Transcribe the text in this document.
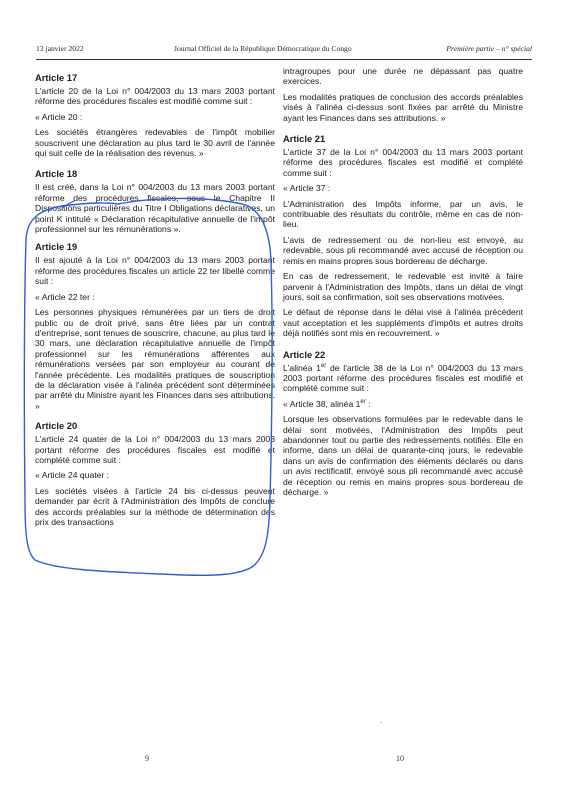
13 janvier 2022	Journal Officiel de la République Démocratique du Congo	Première partie – n° spécial
Article 17

L'article 20 de la Loi n° 004/2003 du 13 mars 2003 portant réforme des procédures fiscales est modifié comme suit :

« Article 20 :

Les sociétés étrangères redevables de l'impôt mobilier souscrivent une déclaration au plus tard le 30 avril de l'année qui suit celle de la réalisation des revenus. »

Article 18

Il est créé, dans la Loi n° 004/2003 du 13 mars 2003 portant réforme des procédures fiscales, sous le Chapitre II Dispositions particulières du Titre I Obligations déclaratives, un point K intitulé « Déclaration récapitulative annuelle de l'impôt professionnel sur les rémunérations ».

Article 19

Il est ajouté à la Loi n° 004/2003 du 13 mars 2003 portant réforme des procédures fiscales un article 22 ter libellé comme suit :

« Article 22 ter :

Les personnes physiques rémunérées par un tiers de droit public ou de droit privé, sans être liées par un contrat d'entreprise, sont tenues de souscrire, chacune, au plus tard le 30 mars, une déclaration récapitulative annuelle de l'impôt professionnel sur les rémunérations afférentes aux rémunérations versées par son employeur au courant de l'année précédente. Les modalités pratiques de souscription de la déclaration visée à l'alinéa précédent sont déterminées par arrêté du Ministre ayant les Finances dans ses attributions. »

Article 20

L'article 24 quater de la Loi n° 004/2003 du 13 mars 2003 portant réforme des procédures fiscales est modifié et complété comme suit :

« Article 24 quater :

Les sociétés visées à l'article 24 bis ci-dessus peuvent demander par écrit à l'Administration des Impôts de conclure des accords préalables sur la méthode de détermination des prix des transactions

intragroupes pour une durée ne dépassant pas quatre exercices.

Les modalités pratiques de conclusion des accords préalables visés à l'alinéa ci-dessus sont fixées par arrêté du Ministre ayant les Finances dans ses attributions. »

Article 21

L'article 37 de la Loi n° 004/2003 du 13 mars 2003 portant réforme des procédures fiscales est modifié et complété comme suit :

« Article 37 :

L'Administration des Impôts informe, par un avis, le contribuable des résultats du contrôle, même en cas de non-lieu.

L'avis de redressement ou de non-lieu est envoyé, au redevable, sous pli recommandé avec accusé de réception ou remis en mains propres sous bordereau de décharge.

En cas de redressement, le redevable est invité à faire parvenir à l'Administration des Impôts, dans un délai de vingt jours, soit sa confirmation, soit ses observations motivées.

Le défaut de réponse dans le délai visé à l'alinéa précédent vaut acceptation et les suppléments d'impôts et autres droits déjà notifiés sont mis en recouvrement. »

Article 22

L'alinéa 1er de l'article 38 de la Loi n° 004/2003 du 13 mars 2003 portant réforme des procédures fiscales est modifié et complété comme suit :

« Article 38, alinéa 1er :

Lorsque les observations formulées par le redevable dans le délai sont motivées, l'Administration des Impôts peut abandonner tout ou partie des redressements notifiés. Elle en informe, dans un délai de quarante-cinq jours, le redevable dans un avis de confirmation des éléments déclarés ou dans un avis rectificatif, envoyé sous pli recommandé avec accusé de réception ou remis en mains propres sous bordereau de décharge. »

.
9	10
